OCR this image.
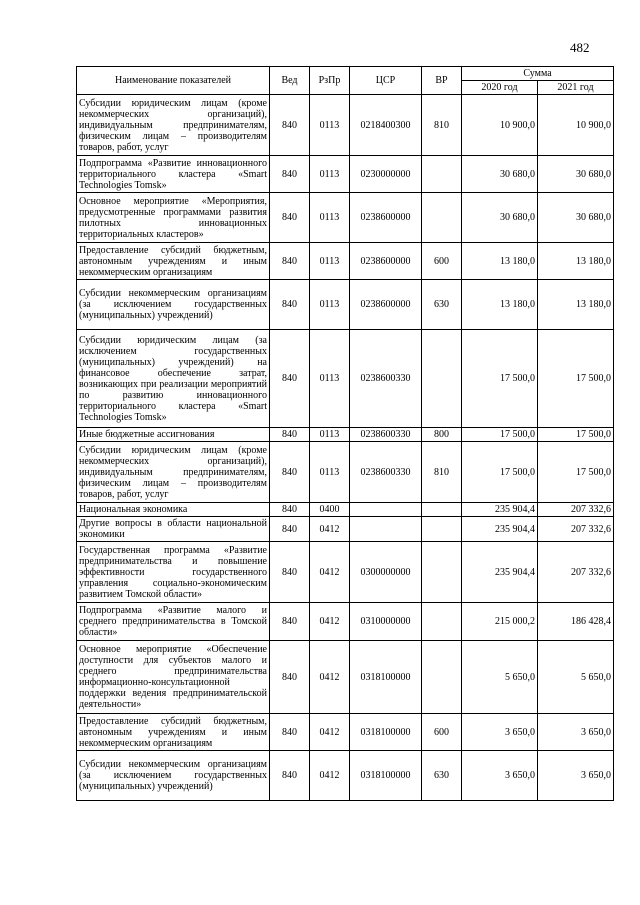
482
Наименование показателей	Вед	РзПр	ЦСР	ВР	Сумма	
					2020 год	2021 год
Субсидии юридическим лицам (кроме некоммерческих организаций), индивидуальным предпринимателям, физическим лицам – производителям товаров, работ, услуг	840	0113	0218400300	810	10 900,0	10 900,0
Подпрограмма «Развитие инновационного территориального кластера «Smart Technologies Tomsk»	840	0113	0230000000		30 680,0	30 680,0
Основное мероприятие «Мероприятия, предусмотренные программами развития пилотных инновационных территориальных кластеров»	840	0113	0238600000		30 680,0	30 680,0
Предоставление субсидий бюджетным, автономным учреждениям и иным некоммерческим организациям	840	0113	0238600000	600	13 180,0	13 180,0
Субсидии некоммерческим организациям (за исключением государственных (муниципальных) учреждений)	840	0113	0238600000	630	13 180,0	13 180,0
Субсидии юридическим лицам (за исключением государственных (муниципальных) учреждений) на финансовое обеспечение затрат, возникающих при реализации мероприятий по развитию инновационного территориального кластера «Smart Technologies Tomsk»	840	0113	0238600330		17 500,0	17 500,0
Иные бюджетные ассигнования	840	0113	0238600330	800	17 500,0	17 500,0
Субсидии юридическим лицам (кроме некоммерческих организаций), индивидуальным предпринимателям, физическим лицам – производителям товаров, работ, услуг	840	0113	0238600330	810	17 500,0	17 500,0
Национальная экономика	840	0400			235 904,4	207 332,6
Другие вопросы в области национальной экономики	840	0412			235 904,4	207 332,6
Государственная программа «Развитие предпринимательства и повышение эффективности государственного управления социально-экономическим развитием Томской области»	840	0412	0300000000		235 904,4	207 332,6
Подпрограмма «Развитие малого и среднего предпринимательства в Томской области»	840	0412	0310000000		215 000,2	186 428,4
Основное мероприятие «Обеспечение доступности для субъектов малого и среднего предпринимательства информационно-консультационной поддержки ведения предпринимательской деятельности»	840	0412	0318100000		5 650,0	5 650,0
Предоставление субсидий бюджетным, автономным учреждениям и иным некоммерческим организациям	840	0412	0318100000	600	3 650,0	3 650,0
Субсидии некоммерческим организациям (за исключением государственных (муниципальных) учреждений)	840	0412	0318100000	630	3 650,0	3 650,0
